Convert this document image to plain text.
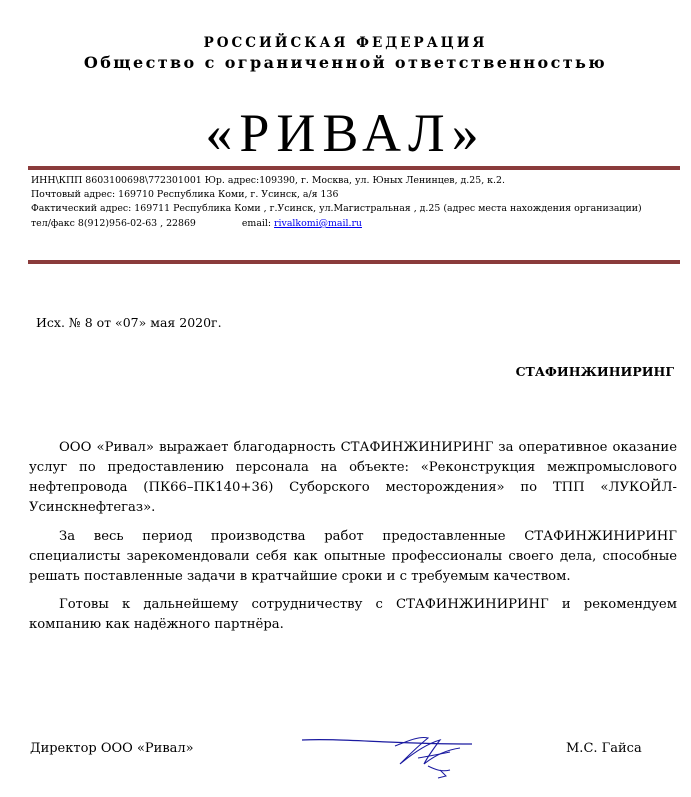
РОССИЙСКАЯ ФЕДЕРАЦИЯ
Общество с ограниченной ответственностью
«РИВАЛ»
ИНН\КПП 8603100698\772301001 Юр. адрес:109390, г. Москва, ул. Юных Ленинцев, д.25, к.2.
Почтовый адрес: 169710 Республика Коми, г. Усинск, а/я 136
Фактический адрес: 169711 Республика Коми , г.Усинск, ул.Магистральная , д.25 (адрес места нахождения организации)
тел/факс 8(912)956-02-63 , 22869	email: rivalkomi@mail.ru
Исх. № 8 от «07» мая 2020г.
СТАФИНЖИНИРИНГ
ООО «Ривал» выражает благодарность СТАФИНЖИНИРИНГ за оперативное оказание услуг по предоставлению персонала на объекте: «Реконструкция межпромыслового нефтепровода (ПК66–ПК140+36) Суборского месторождения» по ТПП «ЛУКОЙЛ-Усинскнефтегаз».
За весь период производства работ предоставленные СТАФИНЖИНИРИНГ специалисты зарекомендовали себя как опытные профессионалы своего дела, способные решать поставленные задачи в кратчайшие сроки и с требуемым качеством.
Готовы к дальнейшему сотрудничеству с СТАФИНЖИНИРИНГ и рекомендуем компанию как надёжного партнёра.
Директор ООО «Ривал»	М.С. Гайса
